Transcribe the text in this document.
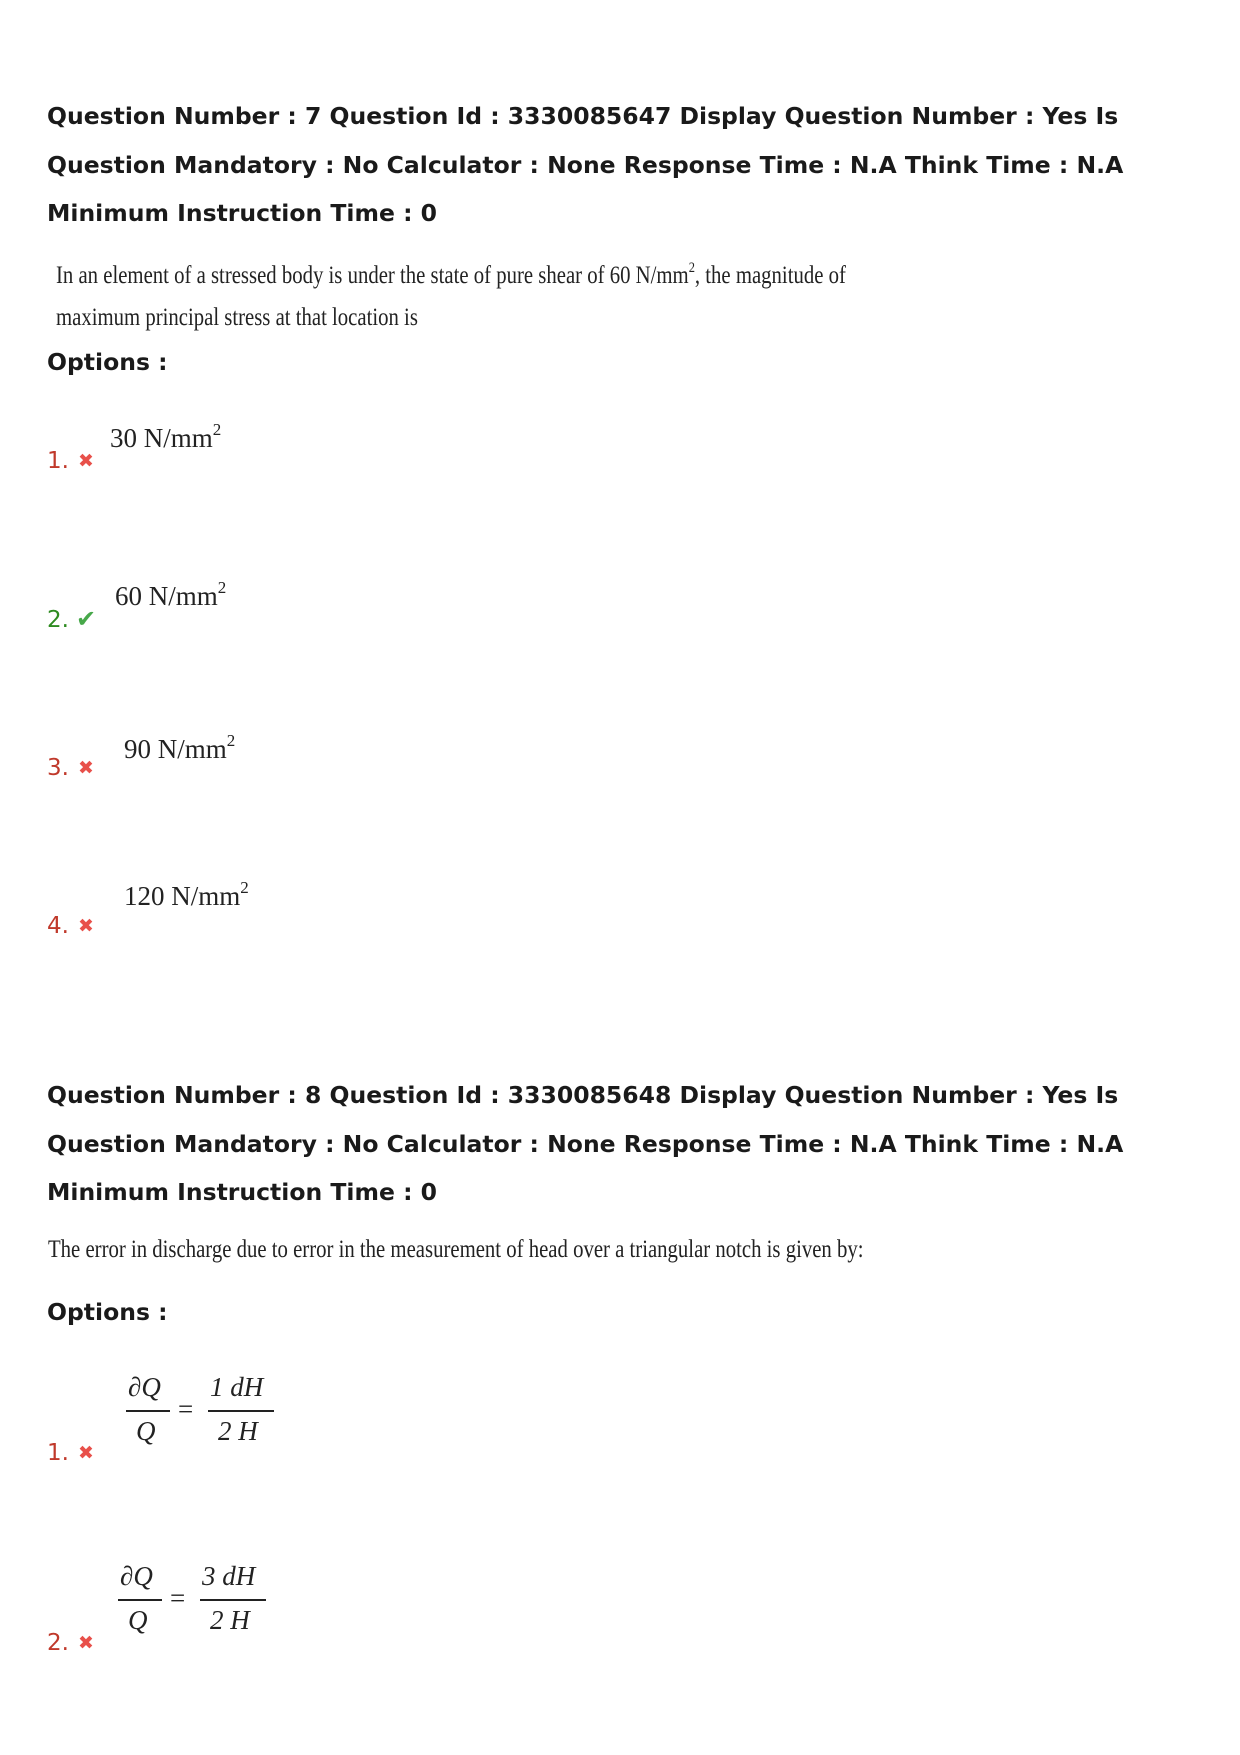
Question Number : 7 Question Id : 3330085647 Display Question Number : Yes Is Question Mandatory : No Calculator : None Response Time : N.A Think Time : N.A Minimum Instruction Time : 0
In an element of a stressed body is under the state of pure shear of 60 $N/mm^2$, the magnitude of
maximum principal stress at that location is
Options :
1. ✖
30 $N/mm^2$
2. ✔
60 $N/mm^2$
3. ✖
90 $N/mm^2$
4. ✖
120 $N/mm^2$
Question Number : 8 Question Id : 3330085648 Display Question Number : Yes Is Question Mandatory : No Calculator : None Response Time : N.A Think Time : N.A Minimum Instruction Time : 0
The error in discharge due to error in the measurement of head over a triangular notch is given by:
Options :
1. ✖
∂Q
Q
=
1 dH
2 H
2. ✖
∂Q
Q
=
3 dH
2 H
